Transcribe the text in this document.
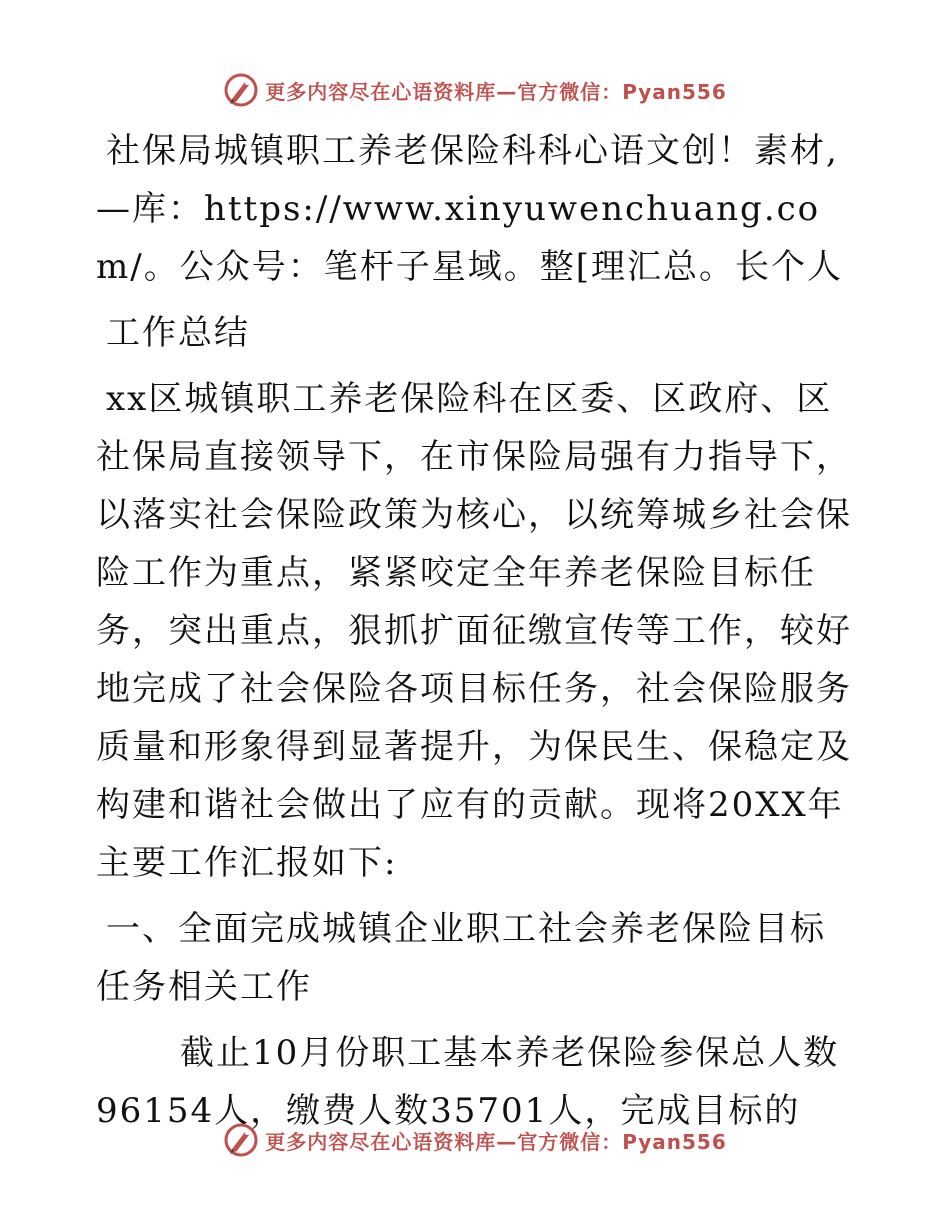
更多内容尽在心语资料库—官方微信：Pyan556

社保局城镇职工养老保险科科心语文创！素材,—库：https://www.xinyuwenchuang.com/。公众号：笔杆子星域。整[理汇总。长个人

工作总结

xx区城镇职工养老保险科在区委、区政府、区社保局直接领导下，在市保险局强有力指导下，以落实社会保险政策为核心，以统筹城乡社会保险工作为重点，紧紧咬定全年养老保险目标任务，突出重点，狠抓扩面征缴宣传等工作，较好地完成了社会保险各项目标任务，社会保险服务质量和形象得到显著提升，为保民生、保稳定及构建和谐社会做出了应有的贡献。现将20XX年主要工作汇报如下:

一、全面完成城镇企业职工社会养老保险目标任务相关工作

截止10月份职工基本养老保险参保总人数96154人，缴费人数35701人，完成目标的

更多内容尽在心语资料库—官方微信：Pyan556
